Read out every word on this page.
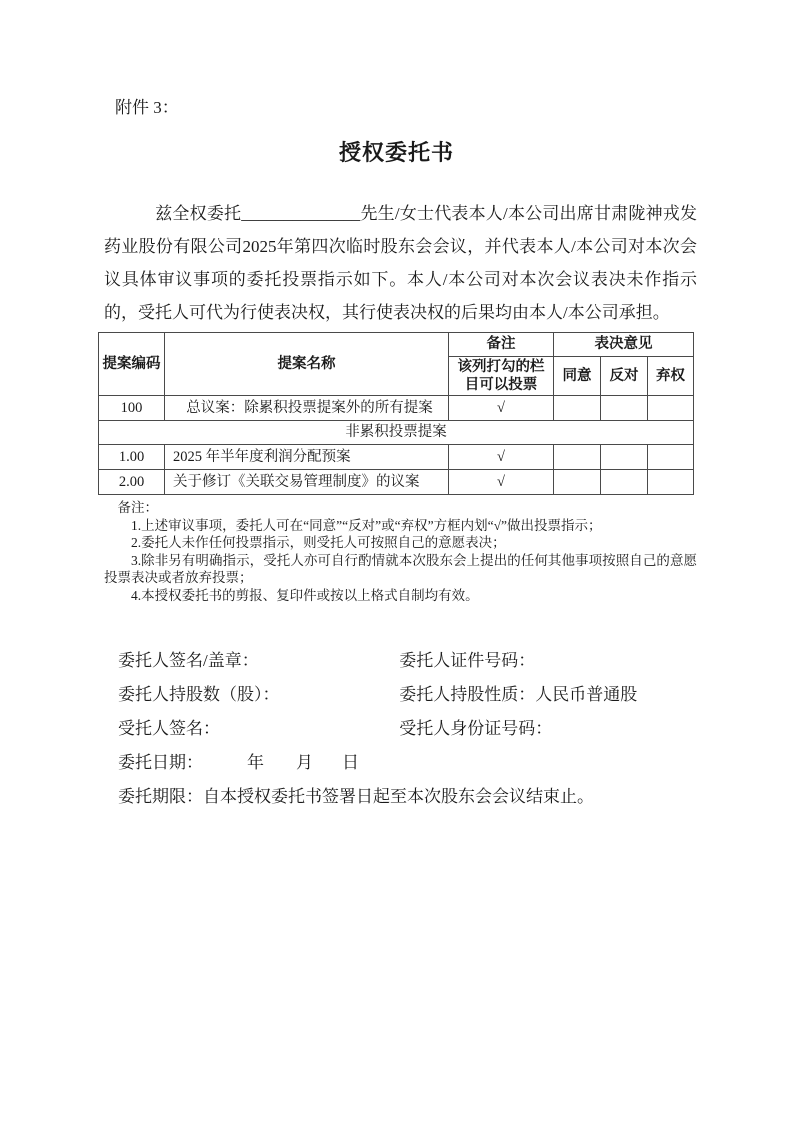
附件 3：
授权委托书

兹全权委托______________先生/女士代表本人/本公司出席甘肃陇神戎发药业股份有限公司2025年第四次临时股东会会议，并代表本人/本公司对本次会议具体审议事项的委托投票指示如下。本人/本公司对本次会议表决未作指示的，受托人可代为行使表决权，其行使表决权的后果均由本人/本公司承担。

提案编码	提案名称	备注	表决意见		
		该列打勾的栏目可以投票	同意	反对	弃权
100	总议案：除累积投票提案外的所有提案	√			
非累积投票提案					
1.00	2025 年半年度利润分配预案	√			
2.00	关于修订《关联交易管理制度》的议案	√			
备注：
1.上述审议事项，委托人可在“同意”“反对”或“弃权”方框内划“√”做出投票指示；
2.委托人未作任何投票指示，则受托人可按照自己的意愿表决；
3.除非另有明确指示，受托人亦可自行酌情就本次股东会上提出的任何其他事项按照自己的意愿投票表决或者放弃投票；
4.本授权委托书的剪报、复印件或按以上格式自制均有效。
委托人签名/盖章：	委托人证件号码：
委托人持股数（股）：	委托人持股性质：人民币普通股
受托人签名：	受托人身份证号码：
委托日期：	年 月 日
委托期限：自本授权委托书签署日起至本次股东会会议结束止。
